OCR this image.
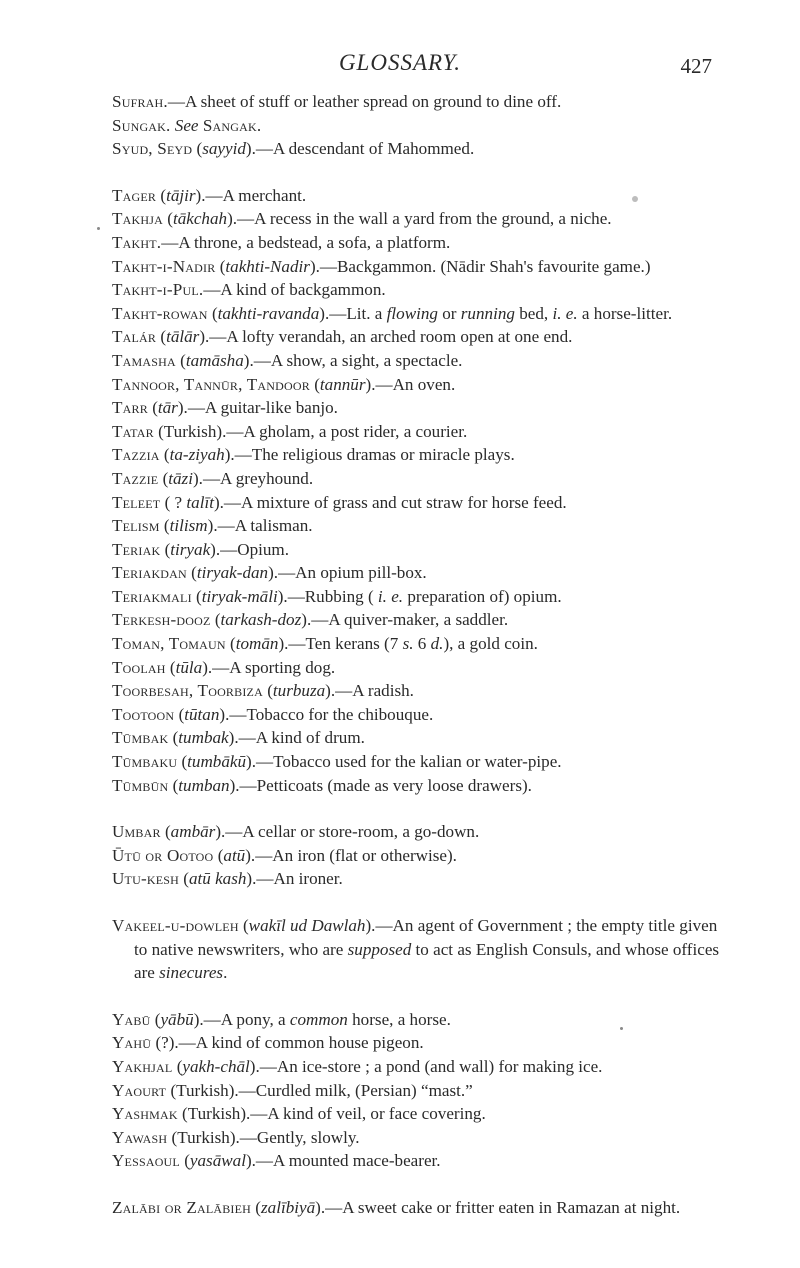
GLOSSARY.	427

Sufrah.—A sheet of stuff or leather spread on ground to dine off.

Sungak. See Sangak.

Syud, Seyd (sayyid).—A descendant of Mahommed.

Tager (tājir).—A merchant.

Takhja (tākchah).—A recess in the wall a yard from the ground, a niche.

Takht.—A throne, a bedstead, a sofa, a platform.

Takht-i-Nadir (takhti-Nadir).—Backgammon. (Nādir Shah's favourite game.)

Takht-i-Pul.—A kind of backgammon.

Takht-rowan (takhti-ravanda).—Lit. a flowing or running bed, i. e. a horse-litter.

Talár (tālār).—A lofty verandah, an arched room open at one end.

Tamasha (tamāsha).—A show, a sight, a spectacle.

Tannoor, Tannūr, Tandoor (tannūr).—An oven.

Tarr (tār).—A guitar-like banjo.

Tatar (Turkish).—A gholam, a post rider, a courier.

Tazzia (ta-ziyah).—The religious dramas or miracle plays.

Tazzie (tāzi).—A greyhound.

Teleet ( ? talīt).—A mixture of grass and cut straw for horse feed.

Telism (tilism).—A talisman.

Teriak (tiryak).—Opium.

Teriakdan (tiryak-dan).—An opium pill-box.

Teriakmali (tiryak-māli).—Rubbing ( i. e. preparation of) opium.

Terkesh-dooz (tarkash-doz).—A quiver-maker, a saddler.

Toman, Tomaun (tomān).—Ten kerans (7 s. 6 d.), a gold coin.

Toolah (tūla).—A sporting dog.

Toorbesah, Toorbiza (turbuza).—A radish.

Tootoon (tūtan).—Tobacco for the chibouque.

Tūmbak (tumbak).—A kind of drum.

Tūmbaku (tumbākū).—Tobacco used for the kalian or water-pipe.

Tūmbūn (tumban).—Petticoats (made as very loose drawers).

Umbar (ambār).—A cellar or store-room, a go-down.

Ūtū or Ootoo (atū).—An iron (flat or otherwise).

Utu-kesh (atū kash).—An ironer.

Vakeel-u-dowleh (wakīl ud Dawlah).—An agent of Government ; the empty title given to native newswriters, who are supposed to act as English Consuls, and whose offices are sinecures.

Yabū (yābū).—A pony, a common horse, a horse.

Yahū (?).—A kind of common house pigeon.

Yakhjal (yakh-chāl).—An ice-store ; a pond (and wall) for making ice.

Yaourt (Turkish).—Curdled milk, (Persian) “mast.”

Yashmak (Turkish).—A kind of veil, or face covering.

Yawash (Turkish).—Gently, slowly.

Yessaoul (yasāwal).—A mounted mace-bearer.

Zalābi or Zalābieh (zalībiyā).—A sweet cake or fritter eaten in Ramazan at night.
